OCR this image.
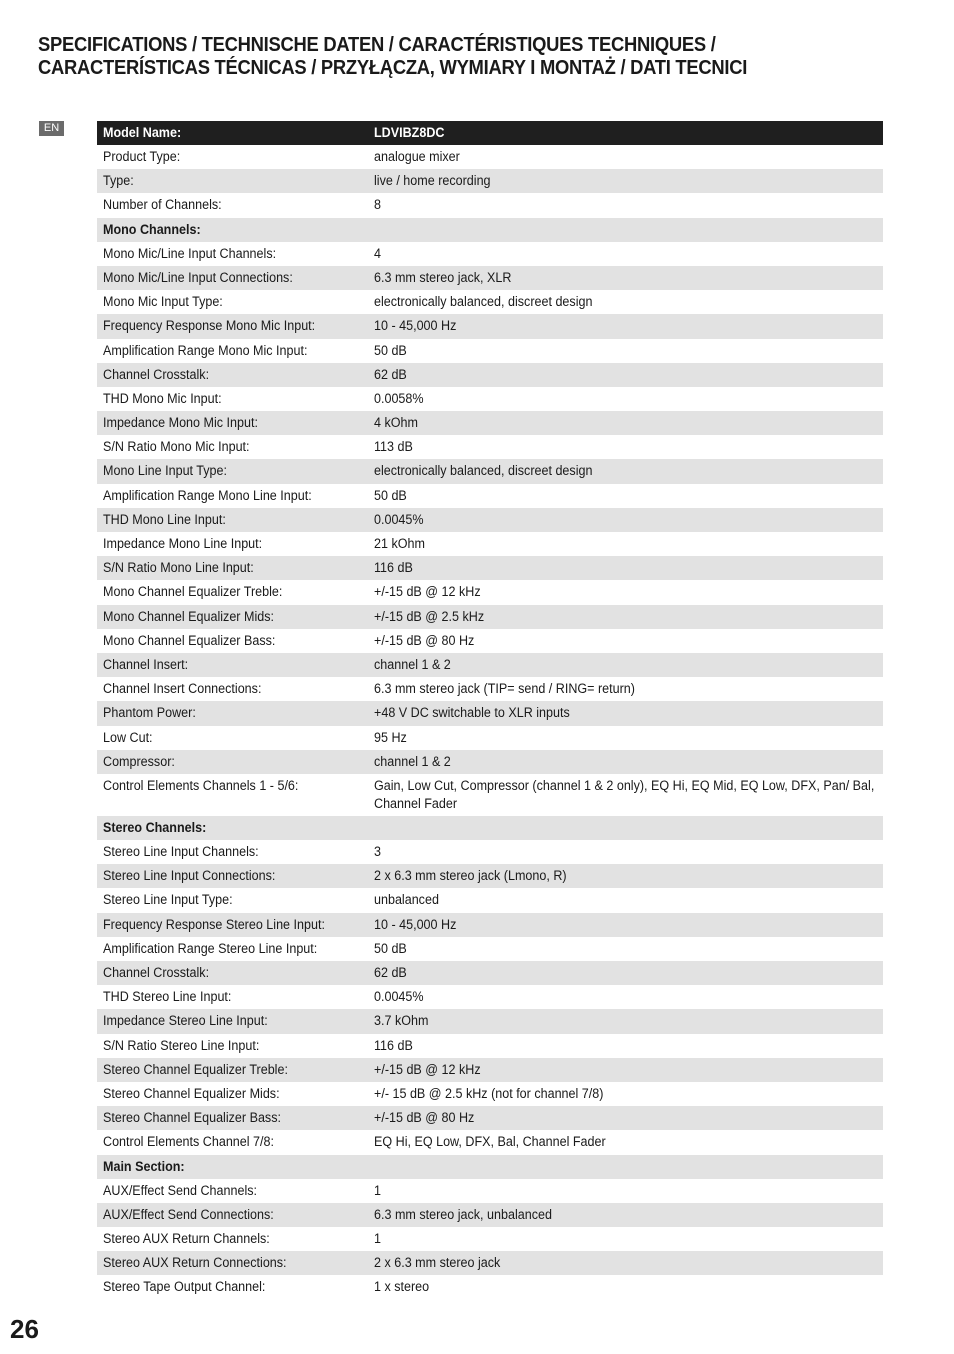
SPECIFICATIONS / TECHNISCHE DATEN / CARACTÉRISTIQUES TECHNIQUES / CARACTERÍSTICAS TÉCNICAS / PRZYŁĄCZA, WYMIARY I MONTAŻ / DATI TECNICI
EN	Model Name:	LDVIBZ8DC
Product Type:	analogue mixer
Type:	live / home recording
Number of Channels:	8
Mono Channels:	
Mono Mic/Line Input Channels:	4
Mono Mic/Line Input Connections:	6.3 mm stereo jack, XLR
Mono Mic Input Type:	electronically balanced, discreet design
Frequency Response Mono Mic Input:	10 - 45,000 Hz
Amplification Range Mono Mic Input:	50 dB
Channel Crosstalk:	62 dB
THD Mono Mic Input:	0.0058%
Impedance Mono Mic Input:	4 kOhm
S/N Ratio Mono Mic Input:	113 dB
Mono Line Input Type:	electronically balanced, discreet design
Amplification Range Mono Line Input:	50 dB
THD Mono Line Input:	0.0045%
Impedance Mono Line Input:	21 kOhm
S/N Ratio Mono Line Input:	116 dB
Mono Channel Equalizer Treble:	+/-15 dB @ 12 kHz
Mono Channel Equalizer Mids:	+/-15 dB @ 2.5 kHz
Mono Channel Equalizer Bass:	+/-15 dB @ 80 Hz
Channel Insert:	channel 1 & 2
Channel Insert Connections:	6.3 mm stereo jack (TIP= send / RING= return)
Phantom Power:	+48 V DC switchable to XLR inputs
Low Cut:	95 Hz
Compressor:	channel 1 & 2
Control Elements Channels 1 - 5/6:	Gain, Low Cut, Compressor (channel 1 & 2 only), EQ Hi, EQ Mid, EQ Low, DFX, Pan/ Bal, Channel Fader

Stereo Channels:	
Stereo Line Input Channels:	3
Stereo Line Input Connections:	2 x 6.3 mm stereo jack (Lmono, R)
Stereo Line Input Type:	unbalanced
Frequency Response Stereo Line Input:	10 - 45,000 Hz
Amplification Range Stereo Line Input:	50 dB
Channel Crosstalk:	62 dB
THD Stereo Line Input:	0.0045%
Impedance Stereo Line Input:	3.7 kOhm
S/N Ratio Stereo Line Input:	116 dB
Stereo Channel Equalizer Treble:	+/-15 dB @ 12 kHz
Stereo Channel Equalizer Mids:	+/- 15 dB @ 2.5 kHz (not for channel 7/8)
Stereo Channel Equalizer Bass:	+/-15 dB @ 80 Hz
Control Elements Channel 7/8:	EQ Hi, EQ Low, DFX, Bal, Channel Fader
Main Section:	
AUX/Effect Send Channels:	1
AUX/Effect Send Connections:	6.3 mm stereo jack, unbalanced
Stereo AUX Return Channels:	1
Stereo AUX Return Connections:	2 x 6.3 mm stereo jack
Stereo Tape Output Channel:	1 x stereo
26
